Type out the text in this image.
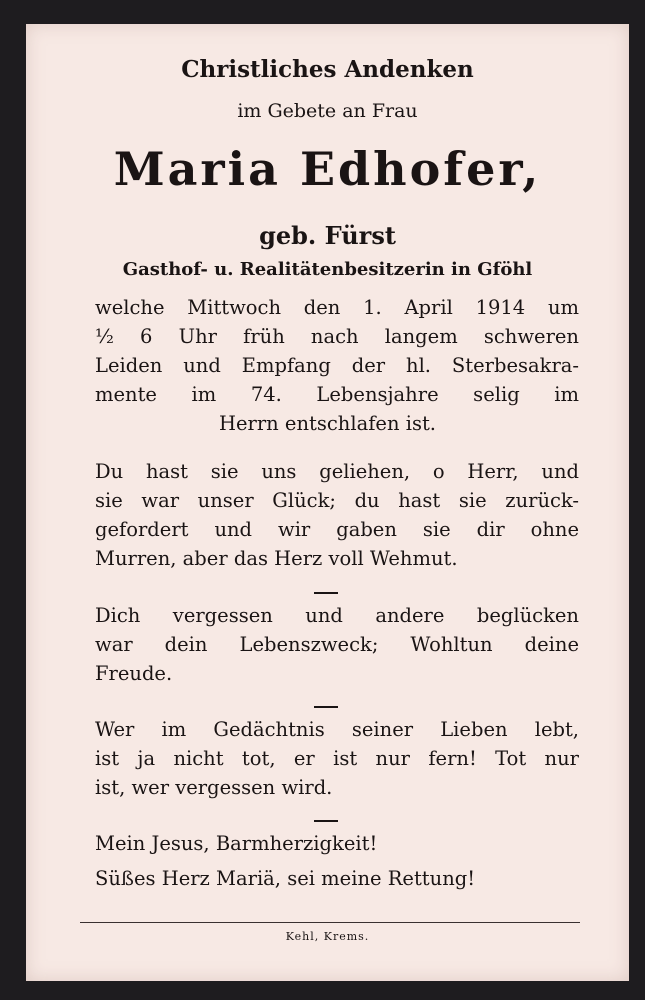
Christliches Andenken
im Gebete an Frau
Maria Edhofer,
geb. Fürst
Gasthof- u. Realitätenbesitzerin in Gföhl
welche Mittwoch den 1. April 1914 um
½ 6 Uhr früh nach langem schweren
Leiden und Empfang der hl. Sterbesakra-
mente im 74. Lebensjahre selig im
Herrn entschlafen ist.
Du hast sie uns geliehen, o Herr, und
sie war unser Glück; du hast sie zurück-
gefordert und wir gaben sie dir ohne
Murren, aber das Herz voll Wehmut.
Dich vergessen und andere beglücken
war dein Lebenszweck; Wohltun deine
Freude.
Wer im Gedächtnis seiner Lieben lebt,
ist ja nicht tot, er ist nur fern! Tot nur
ist, wer vergessen wird.
Mein Jesus, Barmherzigkeit!
Süßes Herz Mariä, sei meine Rettung!
Kehl, Krems.
